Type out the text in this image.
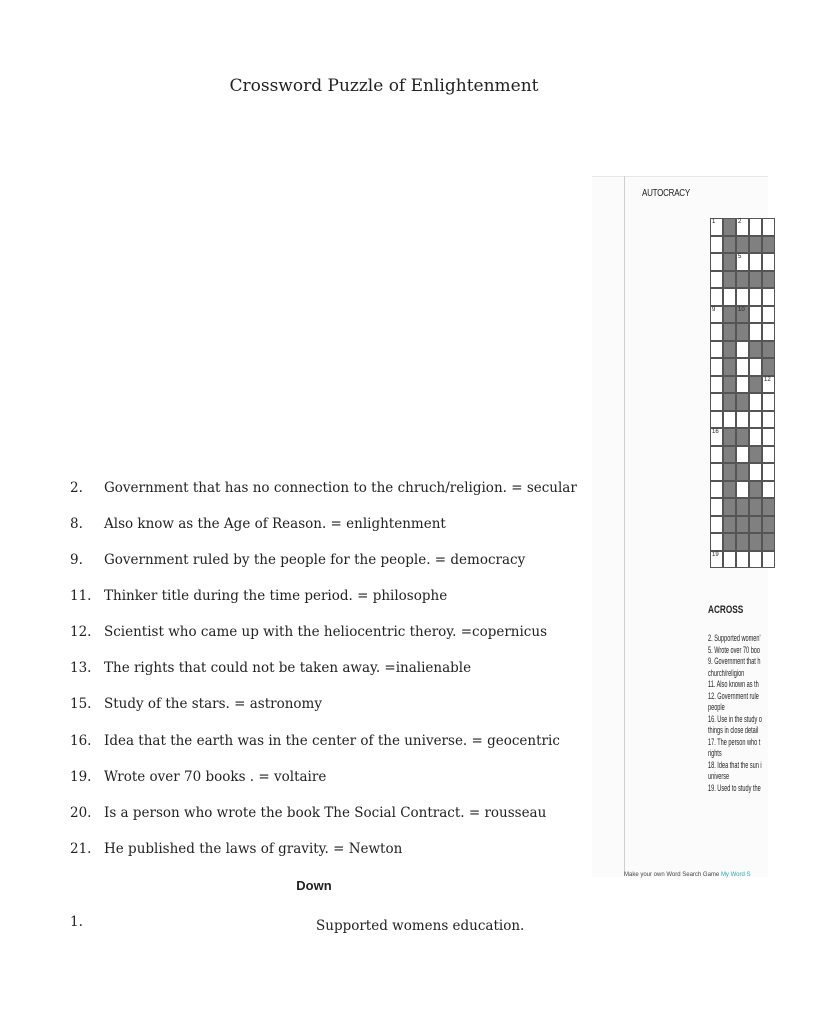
Crossword Puzzle of Enlightenment
2. Government that has no connection to the chruch/religion. = secular
8. Also know as the Age of Reason. = enlightenment
9. Government ruled by the people for the people. = democracy
11. Thinker title during the time period. = philosophe
12. Scientist who came up with the heliocentric theroy. =copernicus
13. The rights that could not be taken away. =inalienable
15. Study of the stars. = astronomy
16. Idea that the earth was in the center of the universe. = geocentric
19. Wrote over 70 books . = voltaire
20. Is a person who wrote the book The Social Contract. = rousseau
21. He published the laws of gravity. = Newton
Down
1.	Supported womens education.
AUTOCRACY
1	2
5
9	10
12
16
19
ACROSS
2. Supported women'
5. Wrote over 70 boo
9. Government that h
church/religion
11. Also known as th
12. Government rule
people
16. Use in the study o
things in close detail
17. The person who t
rights
18. Idea that the sun i
universe
19. Used to study the
Make your own Word Search Game My Word S
